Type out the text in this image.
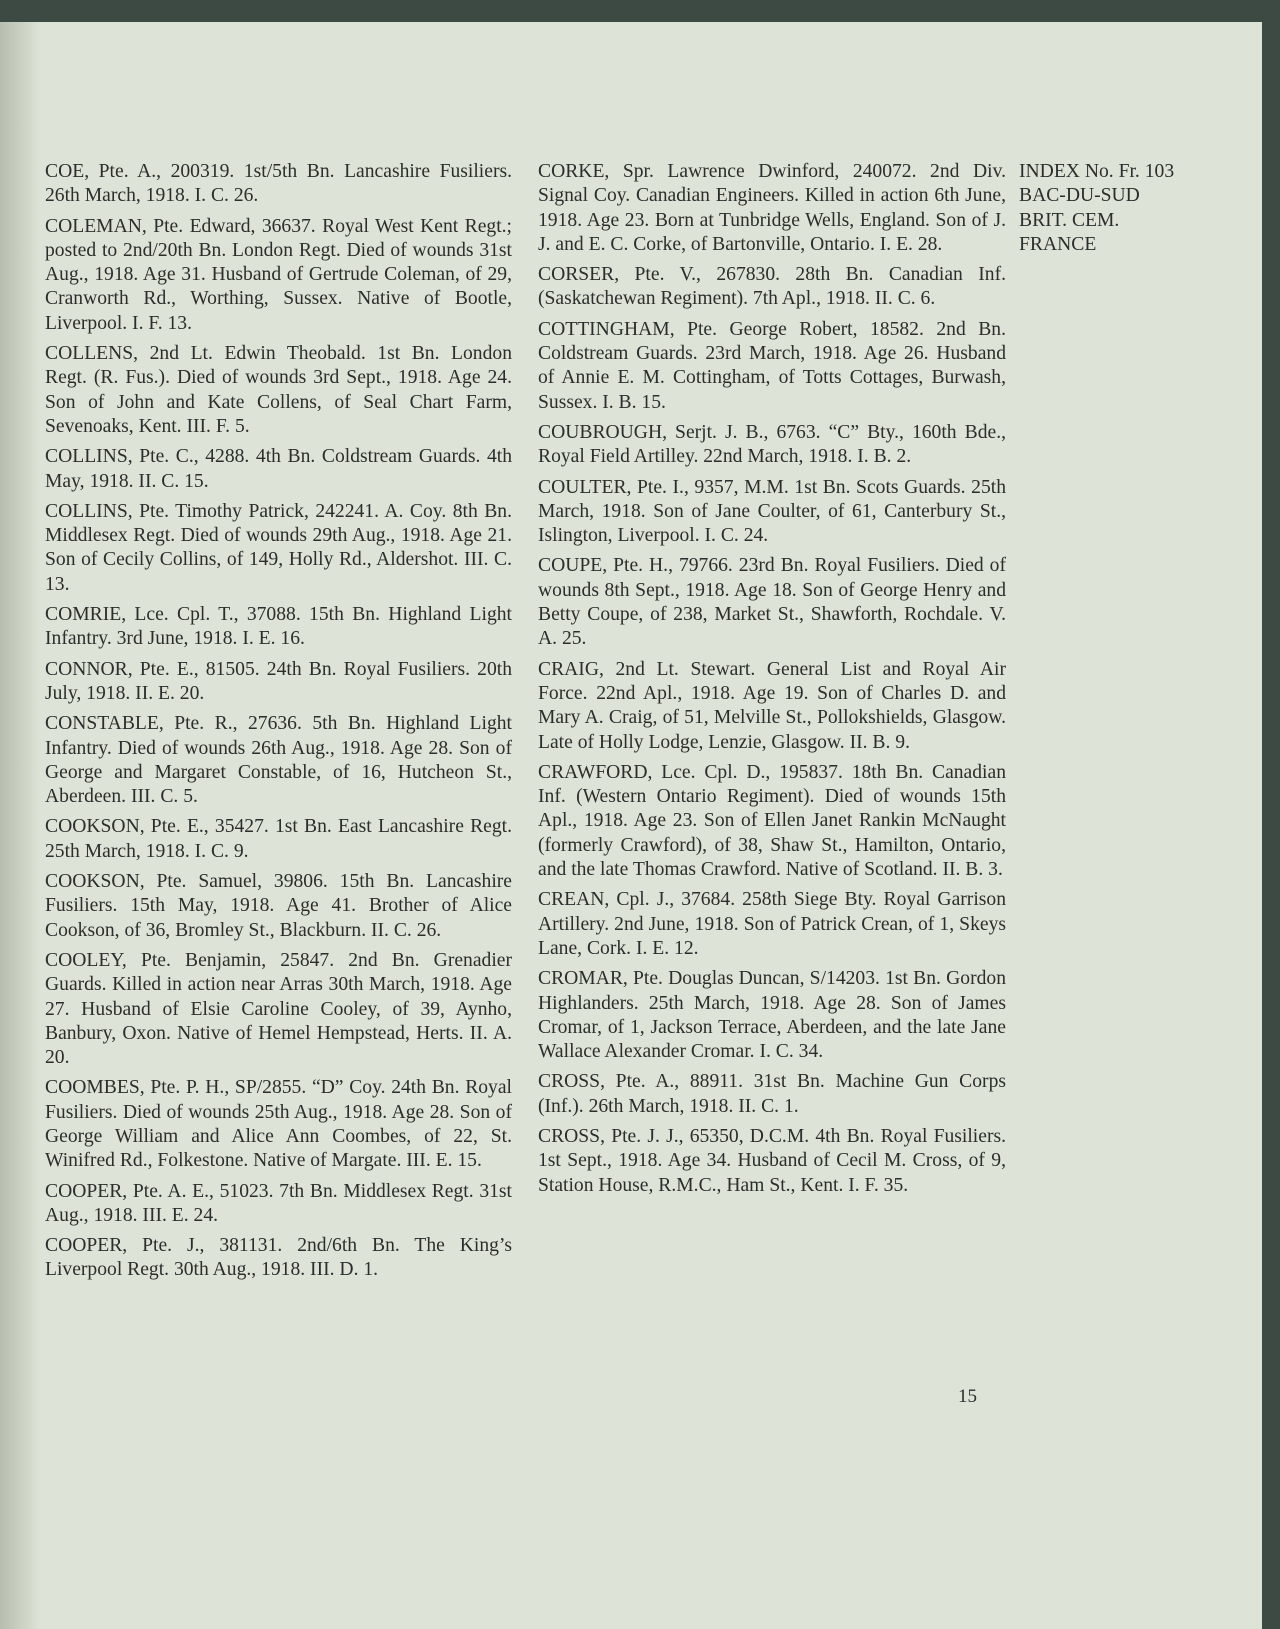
COE, Pte. A., 200319. 1st/5th Bn. Lancashire Fusiliers. 26th March, 1918. I. C. 26.

COLEMAN, Pte. Edward, 36637. Royal West Kent Regt.; posted to 2nd/20th Bn. London Regt. Died of wounds 31st Aug., 1918. Age 31. Husband of Gertrude Coleman, of 29, Cranworth Rd., Worthing, Sussex. Native of Bootle, Liverpool. I. F. 13.

COLLENS, 2nd Lt. Edwin Theobald. 1st Bn. London Regt. (R. Fus.). Died of wounds 3rd Sept., 1918. Age 24. Son of John and Kate Collens, of Seal Chart Farm, Sevenoaks, Kent. III. F. 5.

COLLINS, Pte. C., 4288. 4th Bn. Coldstream Guards. 4th May, 1918. II. C. 15.

COLLINS, Pte. Timothy Patrick, 242241. A. Coy. 8th Bn. Middlesex Regt. Died of wounds 29th Aug., 1918. Age 21. Son of Cecily Collins, of 149, Holly Rd., Aldershot. III. C. 13.

COMRIE, Lce. Cpl. T., 37088. 15th Bn. Highland Light Infantry. 3rd June, 1918. I. E. 16.

CONNOR, Pte. E., 81505. 24th Bn. Royal Fusiliers. 20th July, 1918. II. E. 20.

CONSTABLE, Pte. R., 27636. 5th Bn. Highland Light Infantry. Died of wounds 26th Aug., 1918. Age 28. Son of George and Margaret Constable, of 16, Hutcheon St., Aberdeen. III. C. 5.

COOKSON, Pte. E., 35427. 1st Bn. East Lancashire Regt. 25th March, 1918. I. C. 9.

COOKSON, Pte. Samuel, 39806. 15th Bn. Lancashire Fusiliers. 15th May, 1918. Age 41. Brother of Alice Cookson, of 36, Bromley St., Blackburn. II. C. 26.

COOLEY, Pte. Benjamin, 25847. 2nd Bn. Grenadier Guards. Killed in action near Arras 30th March, 1918. Age 27. Husband of Elsie Caroline Cooley, of 39, Aynho, Banbury, Oxon. Native of Hemel Hempstead, Herts. II. A. 20.

COOMBES, Pte. P. H., SP/2855. “D” Coy. 24th Bn. Royal Fusiliers. Died of wounds 25th Aug., 1918. Age 28. Son of George William and Alice Ann Coombes, of 22, St. Winifred Rd., Folkestone. Native of Margate. III. E. 15.

COOPER, Pte. A. E., 51023. 7th Bn. Middlesex Regt. 31st Aug., 1918. III. E. 24.

COOPER, Pte. J., 381131. 2nd/6th Bn. The King’s Liverpool Regt. 30th Aug., 1918. III. D. 1.

CORKE, Spr. Lawrence Dwinford, 240072. 2nd Div. Signal Coy. Canadian Engineers. Killed in action 6th June, 1918. Age 23. Born at Tunbridge Wells, England. Son of J. J. and E. C. Corke, of Bartonville, Ontario. I. E. 28.

CORSER, Pte. V., 267830. 28th Bn. Canadian Inf. (Saskatchewan Regiment). 7th Apl., 1918. II. C. 6.

COTTINGHAM, Pte. George Robert, 18582. 2nd Bn. Coldstream Guards. 23rd March, 1918. Age 26. Husband of Annie E. M. Cottingham, of Totts Cottages, Burwash, Sussex. I. B. 15.

COUBROUGH, Serjt. J. B., 6763. “C” Bty., 160th Bde., Royal Field Artilley. 22nd March, 1918. I. B. 2.

COULTER, Pte. I., 9357, M.M. 1st Bn. Scots Guards. 25th March, 1918. Son of Jane Coulter, of 61, Canterbury St., Islington, Liverpool. I. C. 24.

COUPE, Pte. H., 79766. 23rd Bn. Royal Fusiliers. Died of wounds 8th Sept., 1918. Age 18. Son of George Henry and Betty Coupe, of 238, Market St., Shawforth, Rochdale. V. A. 25.

CRAIG, 2nd Lt. Stewart. General List and Royal Air Force. 22nd Apl., 1918. Age 19. Son of Charles D. and Mary A. Craig, of 51, Melville St., Pollokshields, Glasgow. Late of Holly Lodge, Lenzie, Glasgow. II. B. 9.

CRAWFORD, Lce. Cpl. D., 195837. 18th Bn. Canadian Inf. (Western Ontario Regiment). Died of wounds 15th Apl., 1918. Age 23. Son of Ellen Janet Rankin McNaught (formerly Crawford), of 38, Shaw St., Hamilton, Ontario, and the late Thomas Crawford. Native of Scotland. II. B. 3.

CREAN, Cpl. J., 37684. 258th Siege Bty. Royal Garrison Artillery. 2nd June, 1918. Son of Patrick Crean, of 1, Skeys Lane, Cork. I. E. 12.

CROMAR, Pte. Douglas Duncan, S/14203. 1st Bn. Gordon Highlanders. 25th March, 1918. Age 28. Son of James Cromar, of 1, Jackson Terrace, Aberdeen, and the late Jane Wallace Alexander Cromar. I. C. 34.

CROSS, Pte. A., 88911. 31st Bn. Machine Gun Corps (Inf.). 26th March, 1918. II. C. 1.

CROSS, Pte. J. J., 65350, D.C.M. 4th Bn. Royal Fusiliers. 1st Sept., 1918. Age 34. Husband of Cecil M. Cross, of 9, Station House, R.M.C., Ham St., Kent. I. F. 35.

INDEX No. Fr. 103
BAC-DU-SUD
BRIT. CEM.
FRANCE
15
